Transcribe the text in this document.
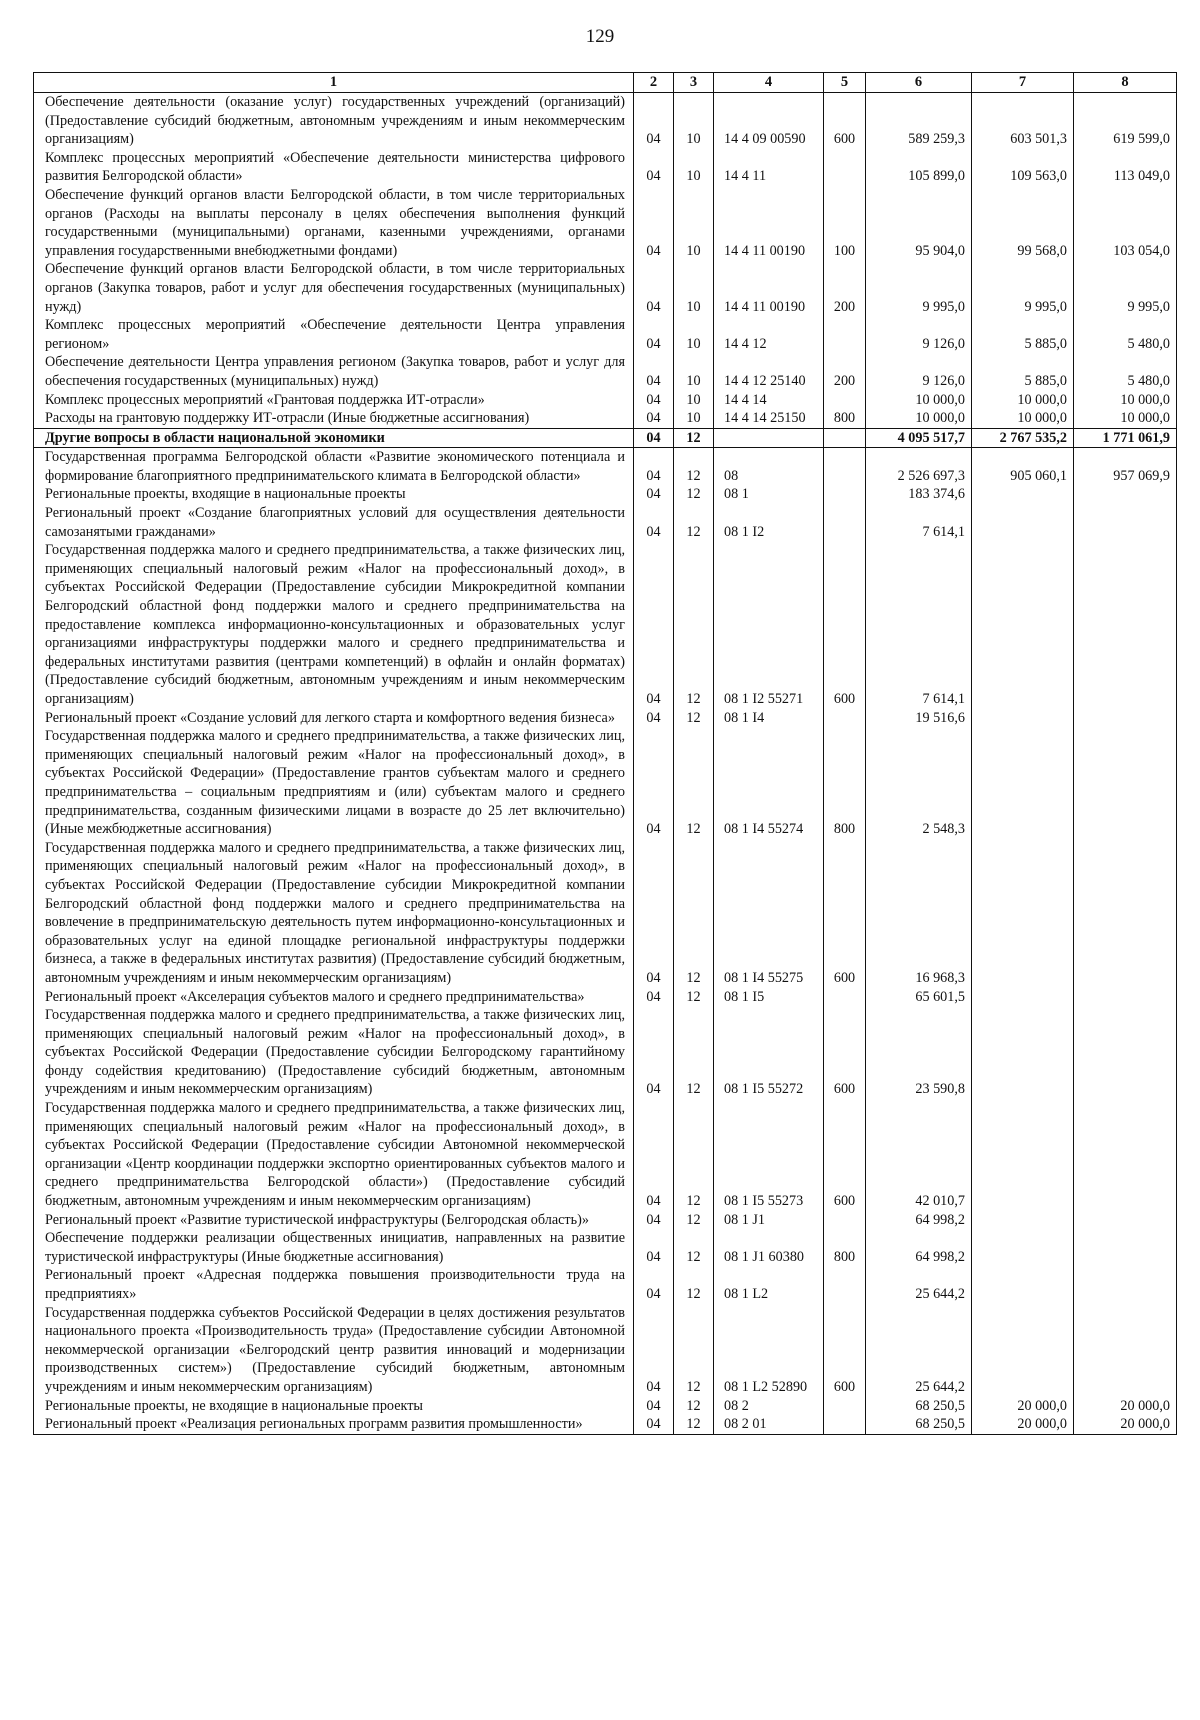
129
1	2	3	4	5	6	7	8
Обеспечение деятельности (оказание услуг) государственных учреждений (организаций) (Предоставление субсидий бюджетным, автономным учреждениям и иным некоммерческим организациям)	04	10	14 4 09 00590	600	589 259,3	603 501,3	619 599,0
Комплекс процессных мероприятий «Обеспечение деятельности министерства цифрового развития Белгородской области»	04	10	14 4 11		105 899,0	109 563,0	113 049,0
Обеспечение функций органов власти Белгородской области, в том числе территориальных органов (Расходы на выплаты персоналу в целях обеспечения выполнения функций государственными (муниципальными) органами, казенными учреждениями, органами управления государственными внебюджетными фондами)	04	10	14 4 11 00190	100	95 904,0	99 568,0	103 054,0
Обеспечение функций органов власти Белгородской области, в том числе территориальных органов (Закупка товаров, работ и услуг для обеспечения государственных (муниципальных) нужд)	04	10	14 4 11 00190	200	9 995,0	9 995,0	9 995,0
Комплекс процессных мероприятий «Обеспечение деятельности Центра управления регионом»	04	10	14 4 12		9 126,0	5 885,0	5 480,0
Обеспечение деятельности Центра управления регионом (Закупка товаров, работ и услуг для обеспечения государственных (муниципальных) нужд)	04	10	14 4 12 25140	200	9 126,0	5 885,0	5 480,0
Комплекс процессных мероприятий «Грантовая поддержка ИТ-отрасли»	04	10	14 4 14		10 000,0	10 000,0	10 000,0
Расходы на грантовую поддержку ИТ-отрасли (Иные бюджетные ассигнования)	04	10	14 4 14 25150	800	10 000,0	10 000,0	10 000,0
Другие вопросы в области национальной экономики	04	12			4 095 517,7	2 767 535,2	1 771 061,9
Государственная программа Белгородской области «Развитие экономического потенциала и формирование благоприятного предпринимательского климата в Белгородской области»	04	12	08		2 526 697,3	905 060,1	957 069,9
Региональные проекты, входящие в национальные проекты	04	12	08 1		183 374,6		
Региональный проект «Создание благоприятных условий для осуществления деятельности самозанятыми гражданами»	04	12	08 1 I2		7 614,1		
Государственная поддержка малого и среднего предпринимательства, а также физических лиц, применяющих специальный налоговый режим «Налог на профессиональный доход», в субъектах Российской Федерации (Предоставление субсидии Микрокредитной компании Белгородский областной фонд поддержки малого и среднего предпринимательства на предоставление комплекса информационно-консультационных и образовательных услуг организациями инфраструктуры поддержки малого и среднего предпринимательства и федеральных институтами развития (центрами компетенций) в офлайн и онлайн форматах) (Предоставление субсидий бюджетным, автономным учреждениям и иным некоммерческим организациям)	04	12	08 1 I2 55271	600	7 614,1		
Региональный проект «Создание условий для легкого старта и комфортного ведения бизнеса»	04	12	08 1 I4		19 516,6		
Государственная поддержка малого и среднего предпринимательства, а также физических лиц, применяющих специальный налоговый режим «Налог на профессиональный доход», в субъектах Российской Федерации» (Предоставление грантов субъектам малого и среднего предпринимательства – социальным предприятиям и (или) субъектам малого и среднего предпринимательства, созданным физическими лицами в возрасте до 25 лет включительно) (Иные межбюджетные ассигнования)	04	12	08 1 I4 55274	800	2 548,3		
Государственная поддержка малого и среднего предпринимательства, а также физических лиц, применяющих специальный налоговый режим «Налог на профессиональный доход», в субъектах Российской Федерации (Предоставление субсидии Микрокредитной компании Белгородский областной фонд поддержки малого и среднего предпринимательства на вовлечение в предпринимательскую деятельность путем информационно-консультационных и образовательных услуг на единой площадке региональной инфраструктуры поддержки бизнеса, а также в федеральных институтах развития) (Предоставление субсидий бюджетным, автономным учреждениям и иным некоммерческим организациям)	04	12	08 1 I4 55275	600	16 968,3		
Региональный проект «Акселерация субъектов малого и среднего предпринимательства»	04	12	08 1 I5		65 601,5		
Государственная поддержка малого и среднего предпринимательства, а также физических лиц, применяющих специальный налоговый режим «Налог на профессиональный доход», в субъектах Российской Федерации (Предоставление субсидии Белгородскому гарантийному фонду содействия кредитованию) (Предоставление субсидий бюджетным, автономным учреждениям и иным некоммерческим организациям)	04	12	08 1 I5 55272	600	23 590,8		
Государственная поддержка малого и среднего предпринимательства, а также физических лиц, применяющих специальный налоговый режим «Налог на профессиональный доход», в субъектах Российской Федерации (Предоставление субсидии Автономной некоммерческой организации «Центр координации поддержки экспортно ориентированных субъектов малого и среднего предпринимательства Белгородской области») (Предоставление субсидий бюджетным, автономным учреждениям и иным некоммерческим организациям)	04	12	08 1 I5 55273	600	42 010,7		
Региональный проект «Развитие туристической инфраструктуры (Белгородская область)»	04	12	08 1 J1		64 998,2		
Обеспечение поддержки реализации общественных инициатив, направленных на развитие туристической инфраструктуры (Иные бюджетные ассигнования)	04	12	08 1 J1 60380	800	64 998,2		
Региональный проект «Адресная поддержка повышения производительности труда на предприятиях»	04	12	08 1 L2		25 644,2		
Государственная поддержка субъектов Российской Федерации в целях достижения результатов национального проекта «Производительность труда» (Предоставление субсидии Автономной некоммерческой организации «Белгородский центр развития инноваций и модернизации производственных систем») (Предоставление субсидий бюджетным, автономным учреждениям и иным некоммерческим организациям)	04	12	08 1 L2 52890	600	25 644,2		
Региональные проекты, не входящие в национальные проекты	04	12	08 2		68 250,5	20 000,0	20 000,0
Региональный проект «Реализация региональных программ развития промышленности»	04	12	08 2 01		68 250,5	20 000,0	20 000,0
